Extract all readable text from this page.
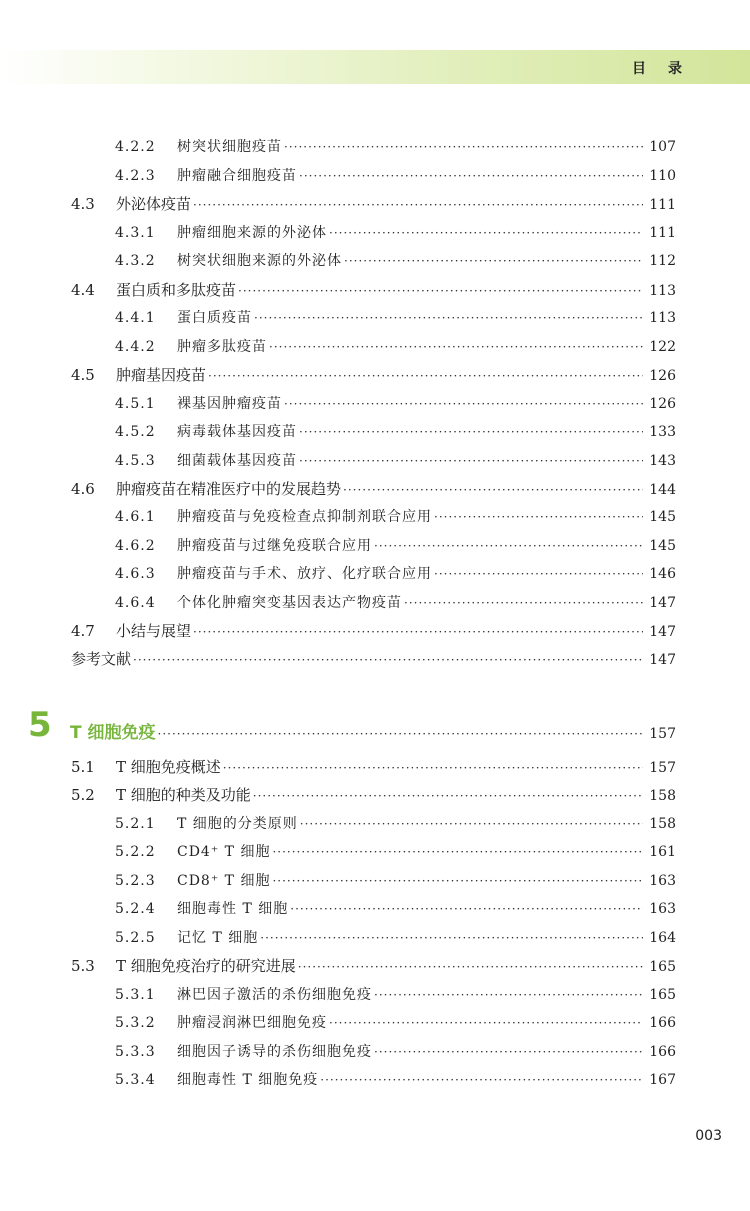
目录
4.2.2	树突状细胞疫苗 ·····	107
4.2.3	肿瘤融合细胞疫苗 ·····	110
4.3	外泌体疫苗 ·····	111
4.3.1	肿瘤细胞来源的外泌体 ·····	111
4.3.2	树突状细胞来源的外泌体 ·····	112
4.4	蛋白质和多肽疫苗 ·····	113
4.4.1	蛋白质疫苗 ·····	113
4.4.2	肿瘤多肽疫苗 ·····	122
4.5	肿瘤基因疫苗 ·····	126
4.5.1	裸基因肿瘤疫苗 ·····	126
4.5.2	病毒载体基因疫苗 ·····	133
4.5.3	细菌载体基因疫苗 ·····	143
4.6	肿瘤疫苗在精准医疗中的发展趋势 ·····	144
4.6.1	肿瘤疫苗与免疫检查点抑制剂联合应用 ·····	145
4.6.2	肿瘤疫苗与过继免疫联合应用 ·····	145
4.6.3	肿瘤疫苗与手术、放疗、化疗联合应用 ·····	146
4.6.4	个体化肿瘤突变基因表达产物疫苗 ·····	147
4.7	小结与展望 ·····	147
参考文献 ·····	147
5 T 细胞免疫 ·····	157
5.1	T 细胞免疫概述 ·····	157
5.2	T 细胞的种类及功能 ·····	158
5.2.1	T 细胞的分类原则 ·····	158
5.2.2	CD4⁺ T 细胞 ·····	161
5.2.3	CD8⁺ T 细胞 ·····	163
5.2.4	细胞毒性 T 细胞 ·····	163
5.2.5	记忆 T 细胞 ·····	164
5.3	T 细胞免疫治疗的研究进展 ·····	165
5.3.1	淋巴因子激活的杀伤细胞免疫 ·····	165
5.3.2	肿瘤浸润淋巴细胞免疫 ·····	166
5.3.3	细胞因子诱导的杀伤细胞免疫 ·····	166
5.3.4	细胞毒性 T 细胞免疫 ·····	167
003
